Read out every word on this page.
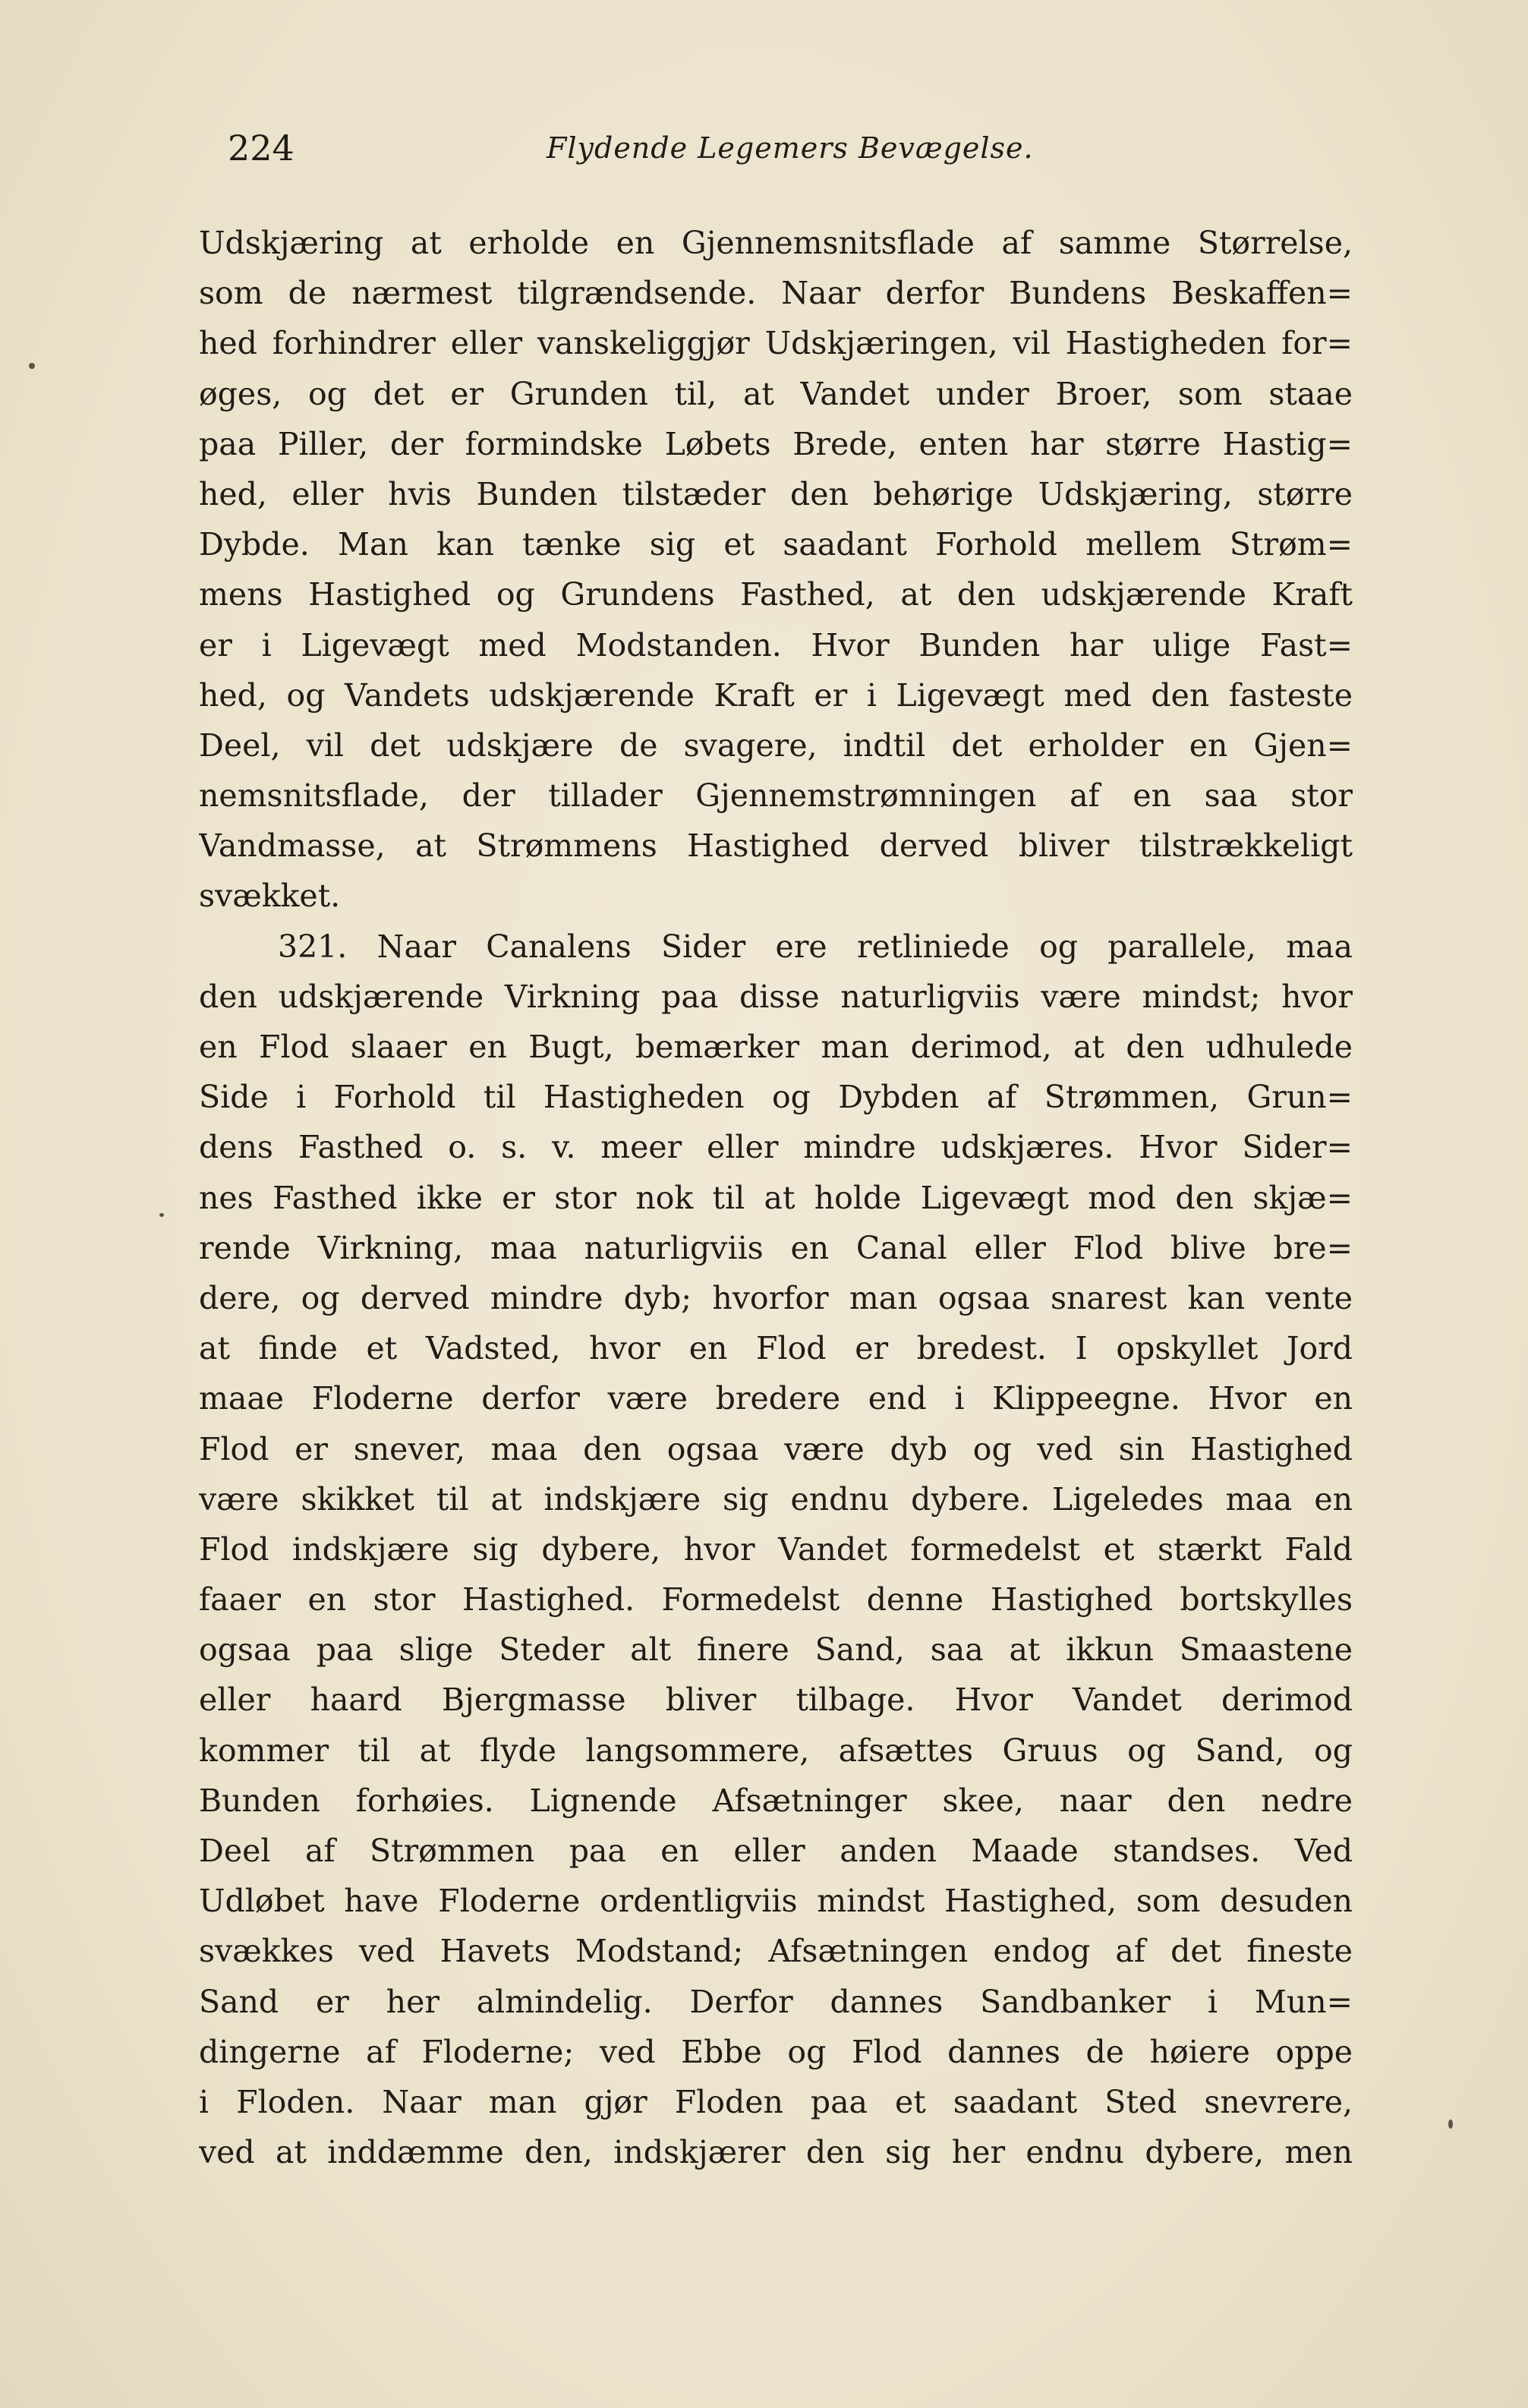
224	Flydende Legemers Bevægelse.
Udskjæring at erholde en Gjennemsnitsflade af samme Størrelse,
som de nærmest tilgrændsende. Naar derfor Bundens Beskaffen=
hed forhindrer eller vanskeliggjør Udskjæringen, vil Hastigheden for=
øges, og det er Grunden til, at Vandet under Broer, som staae
paa Piller, der formindske Løbets Brede, enten har større Hastig=
hed, eller hvis Bunden tilstæder den behørige Udskjæring, større
Dybde. Man kan tænke sig et saadant Forhold mellem Strøm=
mens Hastighed og Grundens Fasthed, at den udskjærende Kraft
er i Ligevægt med Modstanden. Hvor Bunden har ulige Fast=
hed, og Vandets udskjærende Kraft er i Ligevægt med den fasteste
Deel, vil det udskjære de svagere, indtil det erholder en Gjen=
nemsnitsflade, der tillader Gjennemstrømningen af en saa stor
Vandmasse, at Strømmens Hastighed derved bliver tilstrækkeligt
svækket.
321. Naar Canalens Sider ere retliniede og parallele, maa
den udskjærende Virkning paa disse naturligviis være mindst; hvor
en Flod slaaer en Bugt, bemærker man derimod, at den udhulede
Side i Forhold til Hastigheden og Dybden af Strømmen, Grun=
dens Fasthed o. s. v. meer eller mindre udskjæres. Hvor Sider=
nes Fasthed ikke er stor nok til at holde Ligevægt mod den skjæ=
rende Virkning, maa naturligviis en Canal eller Flod blive bre=
dere, og derved mindre dyb; hvorfor man ogsaa snarest kan vente
at finde et Vadsted, hvor en Flod er bredest. I opskyllet Jord
maae Floderne derfor være bredere end i Klippeegne. Hvor en
Flod er snever, maa den ogsaa være dyb og ved sin Hastighed
være skikket til at indskjære sig endnu dybere. Ligeledes maa en
Flod indskjære sig dybere, hvor Vandet formedelst et stærkt Fald
faaer en stor Hastighed. Formedelst denne Hastighed bortskylles
ogsaa paa slige Steder alt finere Sand, saa at ikkun Smaastene
eller haard Bjergmasse bliver tilbage. Hvor Vandet derimod
kommer til at flyde langsommere, afsættes Gruus og Sand, og
Bunden forhøies. Lignende Afsætninger skee, naar den nedre
Deel af Strømmen paa en eller anden Maade standses. Ved
Udløbet have Floderne ordentligviis mindst Hastighed, som desuden
svækkes ved Havets Modstand; Afsætningen endog af det fineste
Sand er her almindelig. Derfor dannes Sandbanker i Mun=
dingerne af Floderne; ved Ebbe og Flod dannes de høiere oppe
i Floden. Naar man gjør Floden paa et saadant Sted snevrere,
ved at inddæmme den, indskjærer den sig her endnu dybere, men
